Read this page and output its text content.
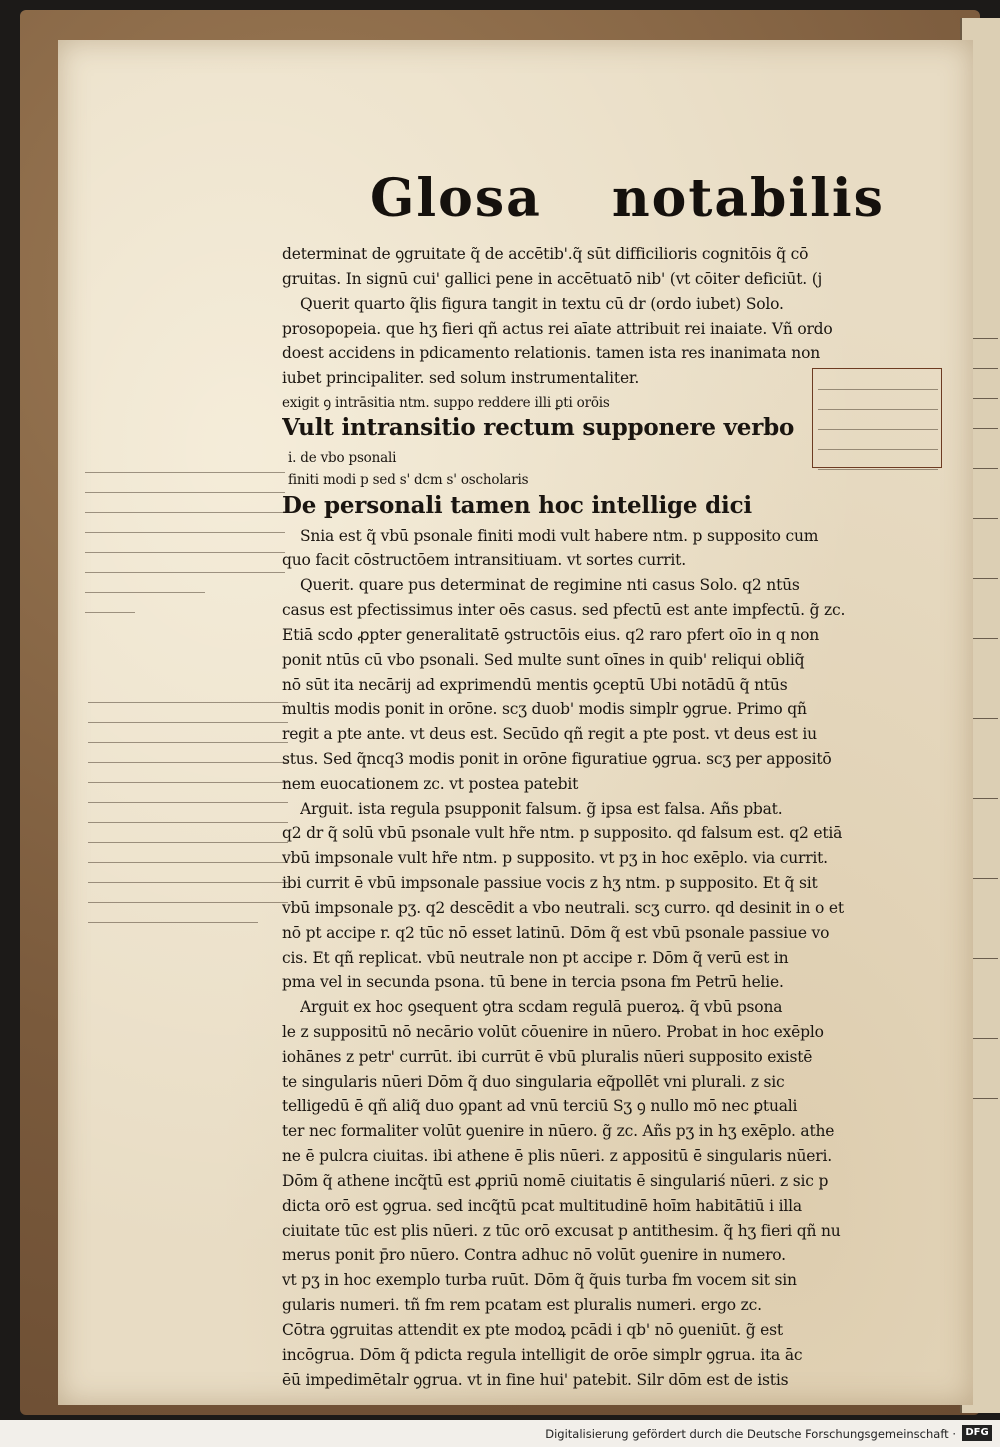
Glosa notabilis
determinat de ꝯgruitate q̃ de accētib'.q̃ sūt difficilioris cognitōis q̃ cō
gruitas. In signū cui' gallici pene in accētuatō nib' (vt cōiter deficiūt. (j
Querit quarto q̃lis figura tangit in textu cū dr (ordo iubet) Solo.
prosopopeia. que hʒ fieri qñ actus rei aīate attribuit rei inaiate. Vñ ordo
doest accidens in pdicamento relationis. tamen ista res inanimata non
iubet principaliter. sed solum instrumentaliter.
exigit ꝯ intrāsitia ntm. suppo reddere illi ꝑti orōis
Vult intransitio rectum supponere verbo
i. de vbo psonali
finiti modi p sed s' dcm s' oscholaris
De personali tamen hoc intellige dici
Snia est q̃ vbū psonale finiti modi vult habere ntm. p supposito cum
quo facit cōstructōem intransitiuam. vt sortes currit.
Querit. quare pus determinat de regimine nti casus Solo. q2 ntūs
casus est pfectissimus inter oēs casus. sed pfectū est ante impfectū. g̃ zc.
Etiā scdo ꝓpter generalitatē ꝯstructōis eius. q2 raro pfert oīo in q non
ponit ntūs cū vbo psonali. Sed multe sunt oīnes in quib' reliqui obliq̃
nō sūt ita necārij ad exprimendū mentis ꝯceptū Ubi notādū q̃ ntūs
multis modis ponit in orōne. scʒ duob' modis simplr ꝯgrue. Primo qñ
regit a pte ante. vt deus est. Secūdo qñ regit a pte post. vt deus est iu
stus. Sed q̃ncq3 modis ponit in orōne figuratiue ꝯgrua. scʒ per appositō
nem euocationem zc. vt postea patebit
Arguit. ista regula psupponit falsum. g̃ ipsa est falsa. Añs pbat.
q2 dr q̃ solū vbū psonale vult hr̃e ntm. p supposito. qd falsum est. q2 etiā
vbū impsonale vult hr̃e ntm. p supposito. vt pʒ in hoc exēplo. via currit.
ibi currit ē vbū impsonale passiue vocis z hʒ ntm. p supposito. Et q̃ sit
vbū impsonale pʒ. q2 descēdit a vbo neutrali. scʒ curro. qd desinit in o et
nō pt accipe r. q2 tūc nō esset latinū. Dōm q̃ est vbū psonale passiue vo
cis. Et qñ replicat. vbū neutrale non pt accipe r. Dōm q̃ verū est in
pma vel in secunda psona. tū bene in tercia psona fm Petrū helie.
Arguit ex hoc ꝯsequent ꝯtra scdam regulā pueroꝝ. q̃ vbū psona
le z suppositū nō necārio volūt cōuenire in nūero. Probat in hoc exēplo
iohānes z petr' currūt. ibi currūt ē vbū pluralis nūeri supposito existē
te singularis nūeri Dōm q̃ duo singularia eq̃pollēt vni plurali. z sic
telligedū ē qñ aliq̃ duo ꝯpant ad vnū terciū Sʒ ꝯ nullo mō nec ꝑtuali
ter nec formaliter volūt ꝯuenire in nūero. g̃ zc. Añs pʒ in hʒ exēplo. athe
ne ē pulcra ciuitas. ibi athene ē plis nūeri. z appositū ē singularis nūeri.
Dōm q̃ athene incq̃tū est ꝓpriū nomē ciuitatis ē singulariś nūeri. z sic p
dicta orō est ꝯgrua. sed incq̃tū pcat multitudinē hoīm habitātiū i illa
ciuitate tūc est plis nūeri. z tūc orō excusat p antithesim. q̃ hʒ fieri qñ nu
merus ponit p̄ro nūero. Contra adhuc nō volūt ꝯuenire in numero.
vt pʒ in hoc exemplo turba ruūt. Dōm q̃ q̃uis turba fm vocem sit sin
gularis numeri. tñ fm rem pcatam est pluralis numeri. ergo zc.
Cōtra ꝯgruitas attendit ex pte modoꝝ pcādi i qb' nō ꝯueniūt. g̃ est
incōgrua. Dōm q̃ pdicta regula intelligit de orōe simplr ꝯgrua. ita āc
ēū impedimētalr ꝯgrua. vt in fine hui' patebit. Silr dōm est de istis
Digitalisierung gefördert durch die Deutsche Forschungsgemeinschaft · DFG
